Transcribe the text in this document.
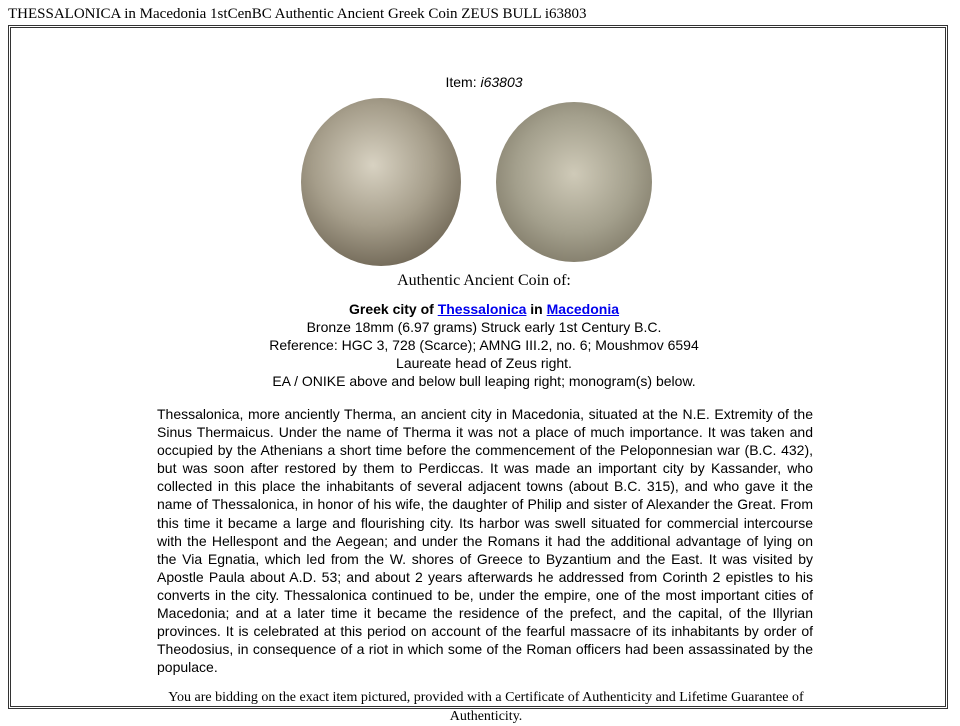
THESSALONICA in Macedonia 1stCenBC Authentic Ancient Greek Coin ZEUS BULL i63803
Item: i63803
Authentic Ancient Coin of:
Greek city of Thessalonica in Macedonia
Bronze 18mm (6.97 grams) Struck early 1st Century B.C.
Reference: HGC 3, 728 (Scarce); AMNG III.2, no. 6; Moushmov 6594
Laureate head of Zeus right.
EA / ONIKE above and below bull leaping right; monogram(s) below.
Thessalonica, more anciently Therma, an ancient city in Macedonia, situated at the N.E. Extremity of the Sinus Thermaicus. Under the name of Therma it was not a place of much importance. It was taken and occupied by the Athenians a short time before the commencement of the Peloponnesian war (B.C. 432), but was soon after restored by them to Perdiccas. It was made an important city by Kassander, who collected in this place the inhabitants of several adjacent towns (about B.C. 315), and who gave it the name of Thessalonica, in honor of his wife, the daughter of Philip and sister of Alexander the Great. From this time it became a large and flourishing city. Its harbor was swell situated for commercial intercourse with the Hellespont and the Aegean; and under the Romans it had the additional advantage of lying on the Via Egnatia, which led from the W. shores of Greece to Byzantium and the East. It was visited by Apostle Paula about A.D. 53; and about 2 years afterwards he addressed from Corinth 2 epistles to his converts in the city. Thessalonica continued to be, under the empire, one of the most important cities of Macedonia; and at a later time it became the residence of the prefect, and the capital, of the Illyrian provinces. It is celebrated at this period on account of the fearful massacre of its inhabitants by order of Theodosius, in consequence of a riot in which some of the Roman officers had been assassinated by the populace.
You are bidding on the exact item pictured, provided with a Certificate of Authenticity and Lifetime Guarantee of Authenticity.
